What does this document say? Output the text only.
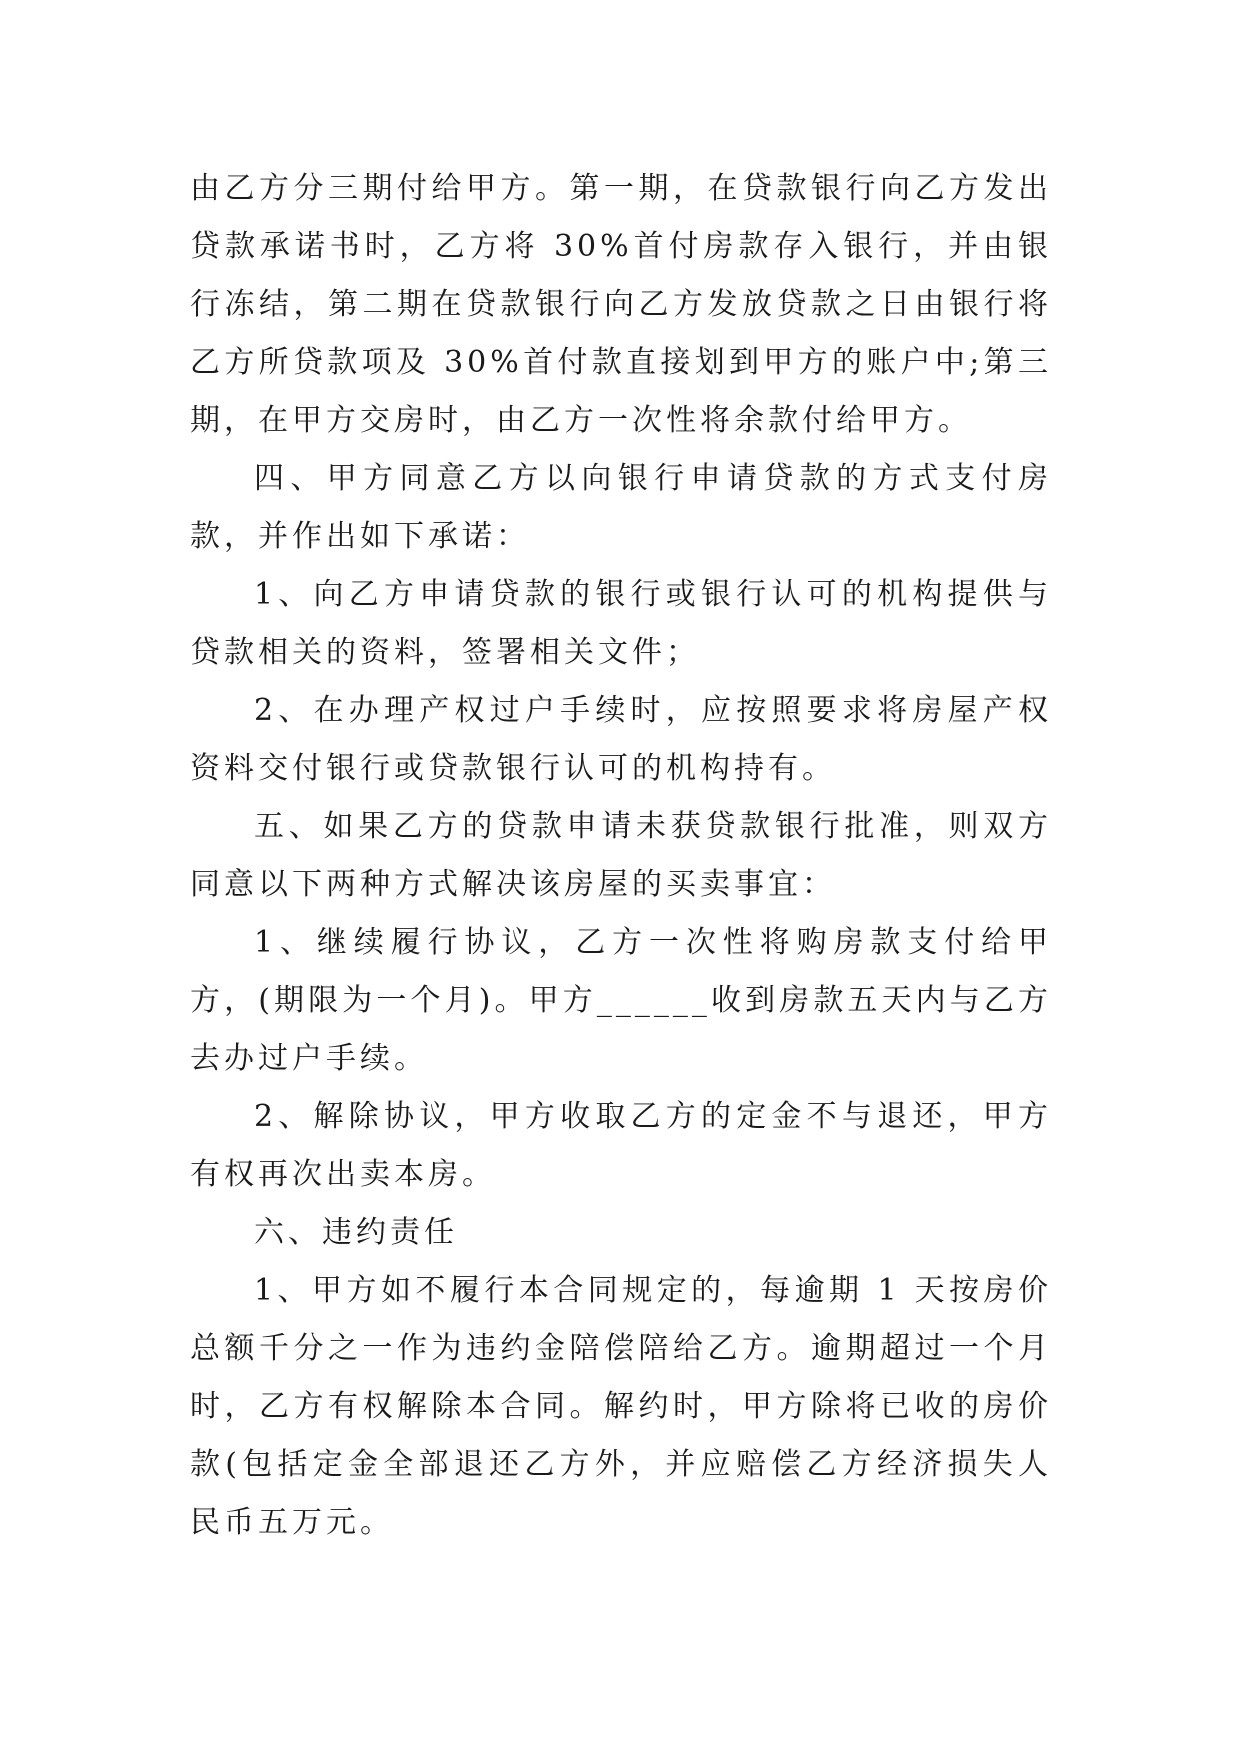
由乙方分三期付给甲方。第一期，在贷款银行向乙方发出贷款承诺书时，乙方将 30%首付房款存入银行，并由银行冻结，第二期在贷款银行向乙方发放贷款之日由银行将乙方所贷款项及 30%首付款直接划到甲方的账户中;第三期，在甲方交房时，由乙方一次性将余款付给甲方。

四、甲方同意乙方以向银行申请贷款的方式支付房款，并作出如下承诺：

1、向乙方申请贷款的银行或银行认可的机构提供与贷款相关的资料，签署相关文件；

2、在办理产权过户手续时，应按照要求将房屋产权资料交付银行或贷款银行认可的机构持有。

五、如果乙方的贷款申请未获贷款银行批准，则双方同意以下两种方式解决该房屋的买卖事宜：

1、继续履行协议，乙方一次性将购房款支付给甲方，(期限为一个月)。甲方______收到房款五天内与乙方去办过户手续。

2、解除协议，甲方收取乙方的定金不与退还，甲方有权再次出卖本房。

六、违约责任

1、甲方如不履行本合同规定的，每逾期 1 天按房价总额千分之一作为违约金陪偿陪给乙方。逾期超过一个月时，乙方有权解除本合同。解约时，甲方除将已收的房价款(包括定金全部退还乙方外，并应赔偿乙方经济损失人民币五万元。
